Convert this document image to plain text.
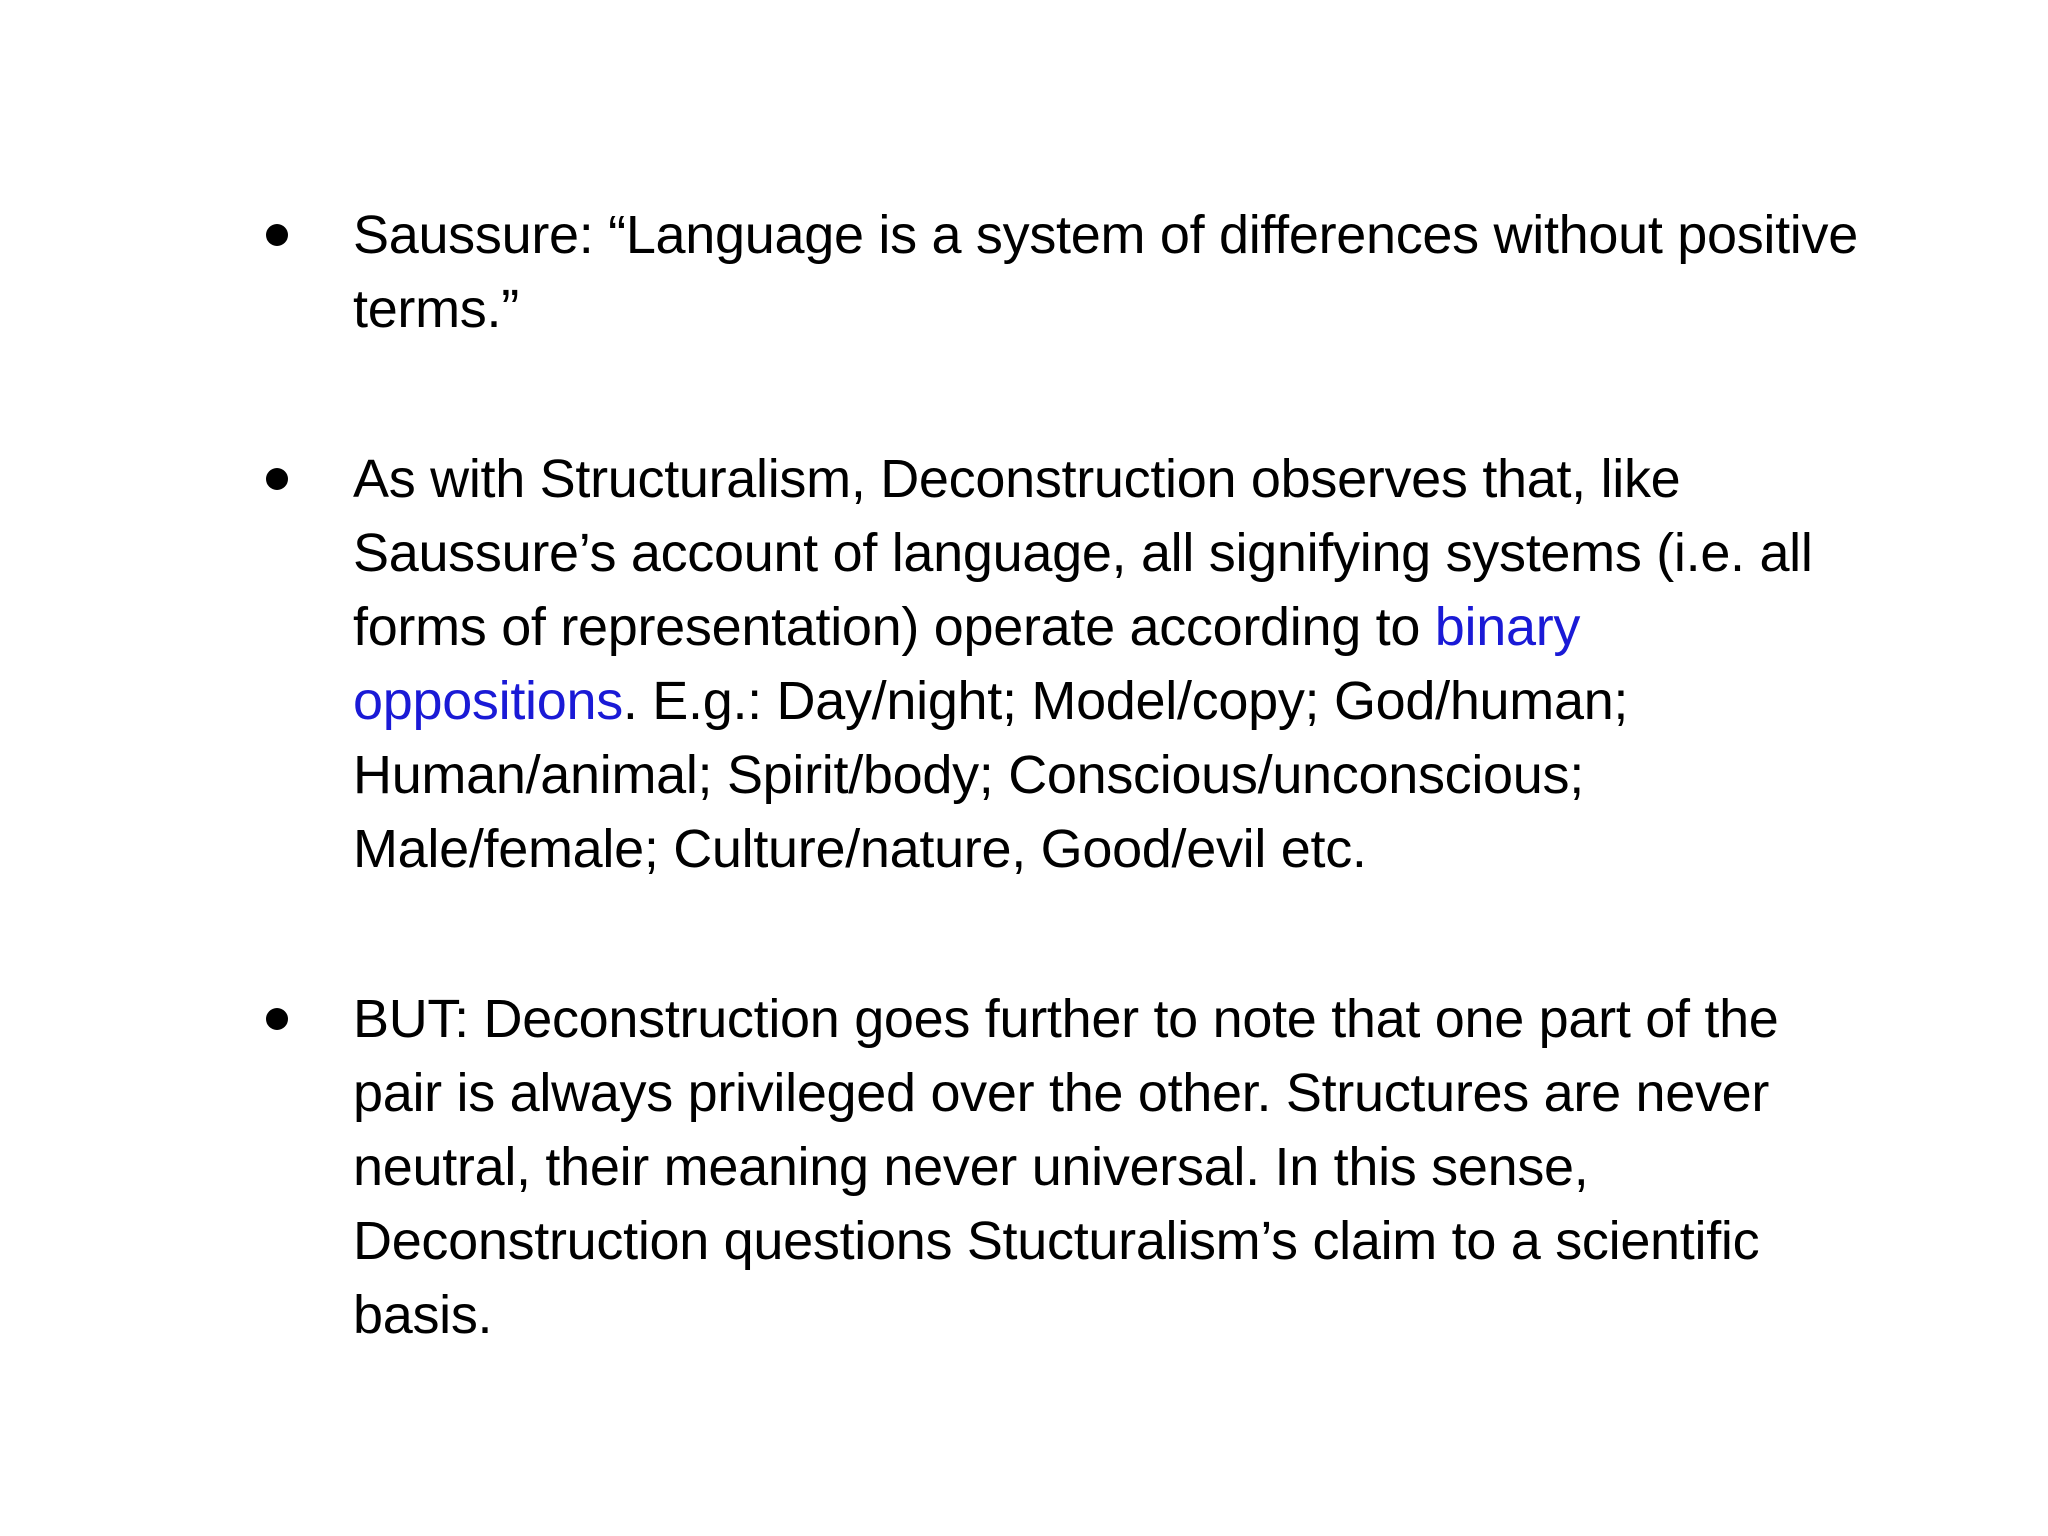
Saussure: “Language is a system of differences without positive terms.”
As with Structuralism, Deconstruction observes that, like Saussure’s account of language, all signifying systems (i.e. all forms of representation) operate according to binary oppositions. E.g.: Day/night; Model/copy; God/human; Human/animal; Spirit/body; Conscious/unconscious; Male/female; Culture/nature, Good/evil etc.
BUT: Deconstruction goes further to note that one part of the pair is always privileged over the other. Structures are never neutral, their meaning never universal. In this sense, Deconstruction questions Stucturalism’s claim to a scientific basis.
